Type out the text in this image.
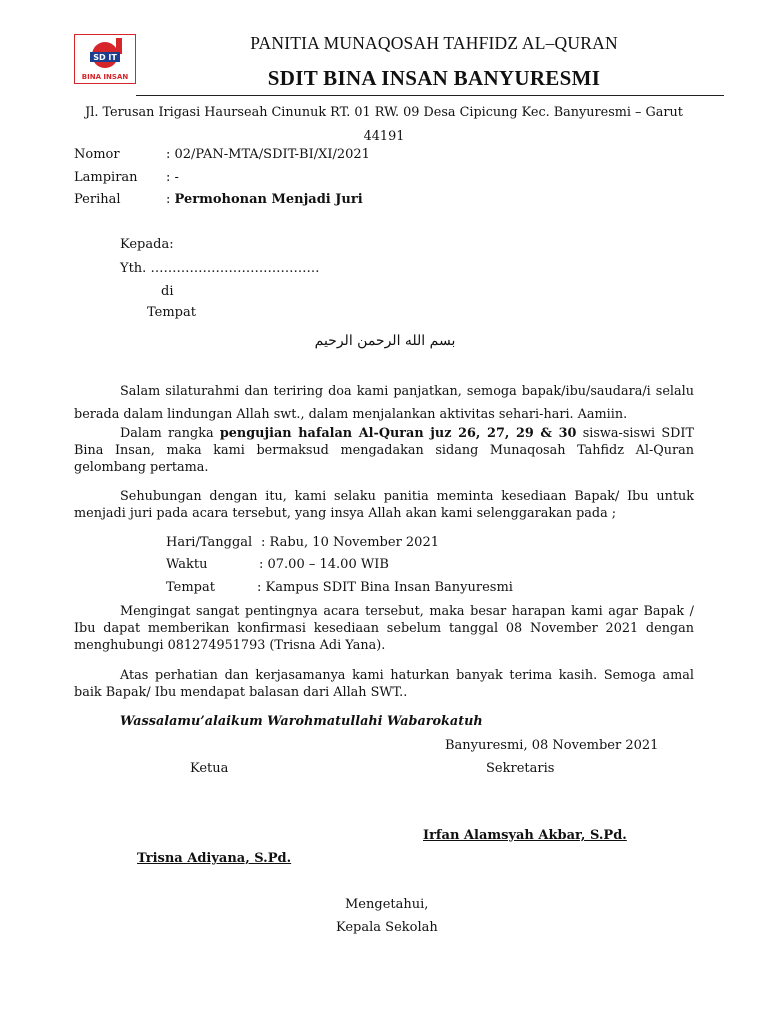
SD IT
BINA INSAN
PANITIA MUNAQOSAH TAHFIDZ AL–QURAN
SDIT BINA INSAN BANYURESMI
Jl. Terusan Irigasi Haurseah Cinunuk RT. 01 RW. 09 Desa Cipicung Kec. Banyuresmi – Garut
44191
Nomor	: 02/PAN-MTA/SDIT-BI/XI/2021
Lampiran : -
Perihal	: Permohonan Menjadi Juri
Kepada:
Yth. …………………………………
di
Tempat
بسم الله الرحمن الرحيم
Salam silaturahmi dan teriring doa kami panjatkan, semoga bapak/ibu/saudara/i selalu berada dalam lindungan Allah swt., dalam menjalankan aktivitas sehari-hari. Aamiin.
Dalam rangka pengujian hafalan Al-Quran juz 26, 27, 29 & 30 siswa-siswi SDIT Bina Insan, maka kami bermaksud mengadakan sidang Munaqosah Tahfidz Al-Quran gelombang pertama.
Sehubungan dengan itu, kami selaku panitia meminta kesediaan Bapak/ Ibu untuk menjadi juri pada acara tersebut, yang insya Allah akan kami selenggarakan pada ;
Hari/Tanggal : Rabu, 10 November 2021
Waktu	: 07.00 – 14.00 WIB
Tempat	: Kampus SDIT Bina Insan Banyuresmi
Mengingat sangat pentingnya acara tersebut, maka besar harapan kami agar Bapak / Ibu dapat memberikan konfirmasi kesediaan sebelum tanggal 08 November 2021 dengan menghubungi 081274951793 (Trisna Adi Yana).
Atas perhatian dan kerjasamanya kami haturkan banyak terima kasih. Semoga amal baik Bapak/ Ibu mendapat balasan dari Allah SWT..
Wassalamu’alaikum Warohmatullahi Wabarokatuh
Banyuresmi, 08 November 2021
Ketua	Sekretaris
Irfan Alamsyah Akbar, S.Pd.
Trisna Adiyana, S.Pd.
Mengetahui,
Kepala Sekolah
